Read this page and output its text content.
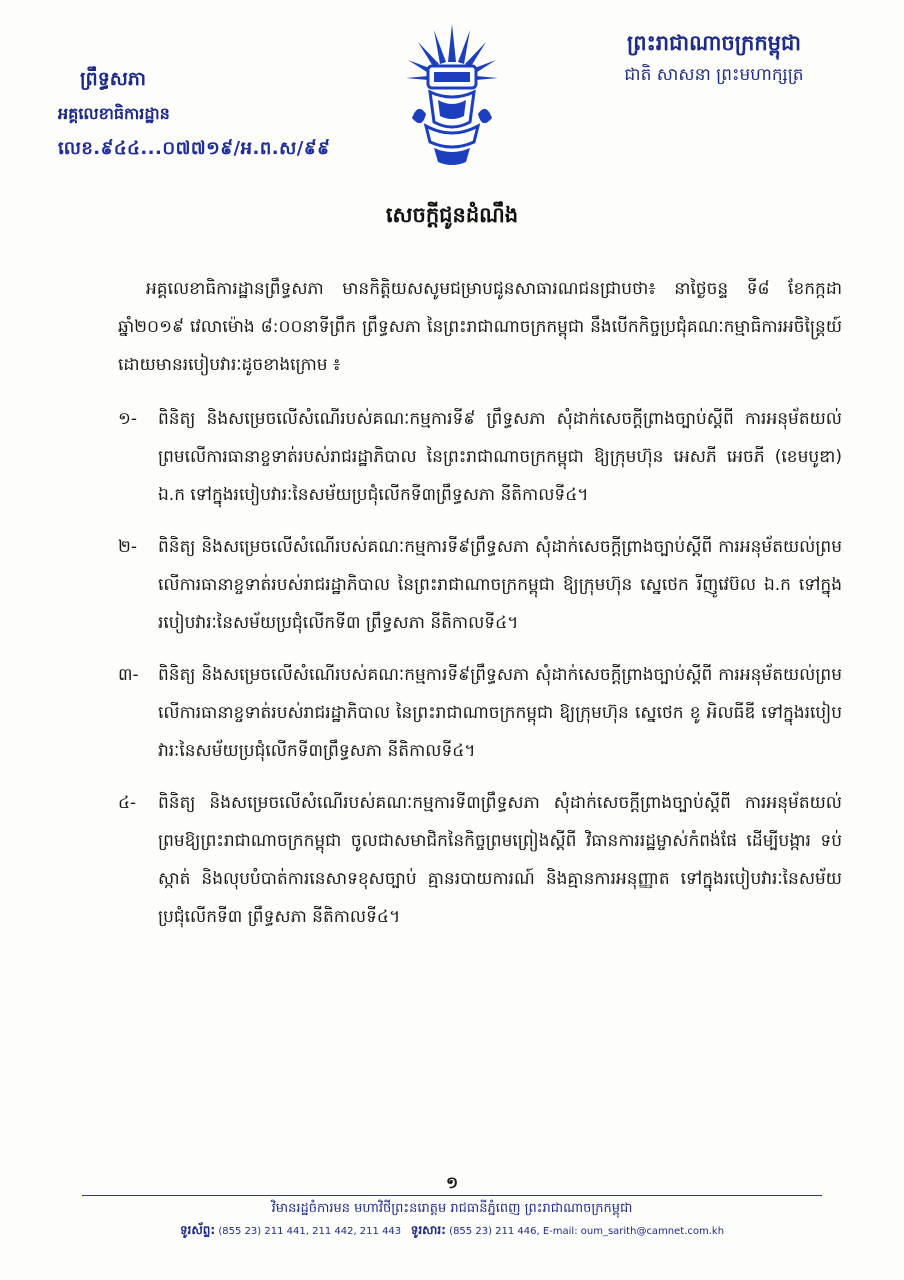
ព្រឹទ្ធសភា
អគ្គលេខាធិការដ្ឋាន
លេខ.៩៤៤...០៧៧១៩/អ.ព.ស/៩៩
ព្រះរាជាណាចក្រកម្ពុជា
ជាតិ សាសនា ព្រះមហាក្សត្រ
សេចក្ដីជូនដំណឹង
អគ្គលេខាធិការដ្ឋានព្រឹទ្ធសភា មានកិត្តិយសសូមជម្រាបជូនសាធារណជនជ្រាបថា៖ នាថ្ងៃចន្ទ ទី៨ ខែកក្កដា ឆ្នាំ២០១៩ វេលាម៉ោង ៨:០០នាទីព្រឹក ព្រឹទ្ធសភា នៃព្រះរាជាណាចក្រកម្ពុជា នឹងបើកកិច្ចប្រជុំគណៈកម្មាធិការអចិន្ត្រៃយ៍ ដោយមានរបៀបវារៈដូចខាងក្រោម ៖
១-	ពិនិត្យ និងសម្រេចលើសំណើរបស់គណៈកម្មការទី៩ ព្រឹទ្ធសភា សុំដាក់សេចក្ដីព្រាងច្បាប់ស្ដីពី ការអនុម័តយល់ព្រមលើការធានាខ្ចទាត់របស់រាជរដ្ឋាភិបាល នៃព្រះរាជាណាចក្រកម្ពុជា ឱ្យក្រុមហ៊ុន អេសភី អេចភី (ខេមបូឌា) ឯ.ក ទៅក្នុងរបៀបវារៈនៃសម័យប្រជុំលើកទី៣ព្រឹទ្ធសភា នីតិកាលទី៤។
២-	ពិនិត្យ និងសម្រេចលើសំណើរបស់គណៈកម្មការទី៩ព្រឹទ្ធសភា សុំដាក់សេចក្ដីព្រាងច្បាប់ស្ដីពី ការអនុម័តយល់ព្រមលើការធានាខ្ចទាត់របស់រាជរដ្ឋាភិបាល នៃព្រះរាជាណាចក្រកម្ពុជា ឱ្យក្រុមហ៊ុន ស្នេថេក រីញូវេប៊ល ឯ.ក ទៅក្នុងរបៀបវារៈនៃសម័យប្រជុំលើកទី៣ ព្រឹទ្ធសភា នីតិកាលទី៤។
៣-	ពិនិត្យ និងសម្រេចលើសំណើរបស់គណៈកម្មការទី៩ព្រឹទ្ធសភា សុំដាក់សេចក្ដីព្រាងច្បាប់ស្ដីពី ការអនុម័តយល់ព្រមលើការធានាខ្ចទាត់របស់រាជរដ្ឋាភិបាល នៃព្រះរាជាណាចក្រកម្ពុជា ឱ្យក្រុមហ៊ុន ស្នេថេក ខូ អិលធីឌី ទៅក្នុងរបៀបវារៈនៃសម័យប្រជុំលើកទី៣ព្រឹទ្ធសភា នីតិកាលទី៤។
៤-	ពិនិត្យ និងសម្រេចលើសំណើរបស់គណៈកម្មការទី៣ព្រឹទ្ធសភា សុំដាក់សេចក្ដីព្រាងច្បាប់ស្ដីពី ការអនុម័តយល់ព្រមឱ្យព្រះរាជាណាចក្រកម្ពុជា ចូលជាសមាជិកនៃកិច្ចព្រមព្រៀងស្ដីពី វិធានការរដ្ឋម្ចាស់កំពង់ផែ ដើម្បីបង្ការ ទប់ស្កាត់ និងលុបបំបាត់ការនេសាទខុសច្បាប់ គ្មានរបាយការណ៍ និងគ្មានការអនុញ្ញាត ទៅក្នុងរបៀបវារៈនៃសម័យប្រជុំលើកទី៣ ព្រឹទ្ធសភា នីតិកាលទី៤។
១
វិមានរដ្ឋចំការមន មហាវិថីព្រះនរោត្តម រាជធានីភ្នំពេញ ព្រះរាជាណាចក្រកម្ពុជា
ទូរស័ព្ទ: (855 23) 211 441, 211 442, 211 443 ទូរសារ: (855 23) 211 446, E-mail: oum_sarith@camnet.com.kh
